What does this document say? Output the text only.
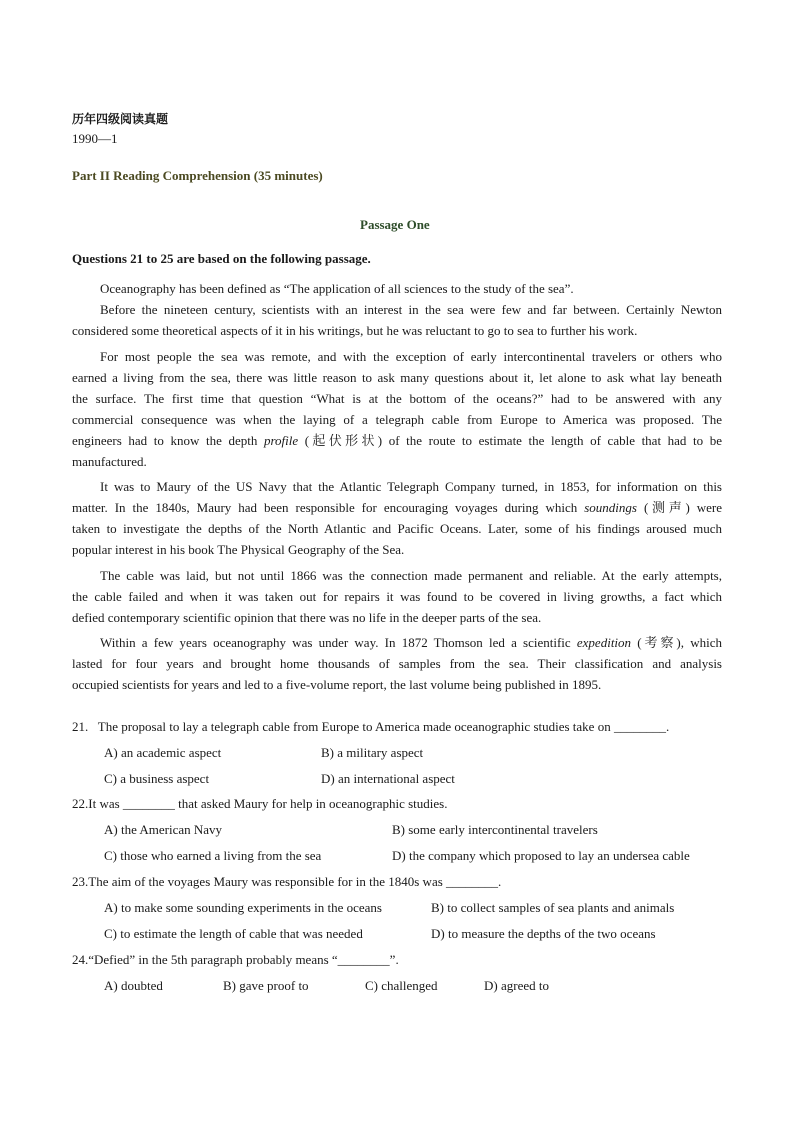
历年四级阅读真题
1990—1
Part II Reading Comprehension (35 minutes)
Passage One
Questions 21 to 25 are based on the following passage.
Oceanography has been defined as “The application of all sciences to the study of the sea”.
Before the nineteen century, scientists with an interest in the sea were few and far between. Certainly Newton
considered some theoretical aspects of it in his writings, but he was reluctant to go to sea to further his work.
For most people the sea was remote, and with the exception of early intercontinental travelers or others who
earned a living from the sea, there was little reason to ask many questions about it, let alone to ask what lay beneath
the surface. The first time that question “What is at the bottom of the oceans?” had to be answered with any
commercial consequence was when the laying of a telegraph cable from Europe to America was proposed. The
engineers had to know the depth profile (起伏形状) of the route to estimate the length of cable that had to be
manufactured.
It was to Maury of the US Navy that the Atlantic Telegraph Company turned, in 1853, for information on this
matter. In the 1840s, Maury had been responsible for encouraging voyages during which soundings (测声) were
taken to investigate the depths of the North Atlantic and Pacific Oceans. Later, some of his findings aroused much
popular interest in his book The Physical Geography of the Sea.
The cable was laid, but not until 1866 was the connection made permanent and reliable. At the early attempts,
the cable failed and when it was taken out for repairs it was found to be covered in living growths, a fact which
defied contemporary scientific opinion that there was no life in the deeper parts of the sea.
Within a few years oceanography was under way. In 1872 Thomson led a scientific expedition (考察), which
lasted for four years and brought home thousands of samples from the sea. Their classification and analysis
occupied scientists for years and led to a five-volume report, the last volume being published in 1895.
21.   The proposal to lay a telegraph cable from Europe to America made oceanographic studies take on ________.
A) an academic aspect	B) a military aspect
C) a business aspect	D) an international aspect
22.It was ________ that asked Maury for help in oceanographic studies.
A) the American Navy	B) some early intercontinental travelers
C) those who earned a living from the sea	D) the company which proposed to lay an undersea cable
23.The aim of the voyages Maury was responsible for in the 1840s was ________.
A) to make some sounding experiments in the oceans	B) to collect samples of sea plants and animals
C) to estimate the length of cable that was needed	D) to measure the depths of the two oceans
24.“Defied” in the 5th paragraph probably means “________”.
A) doubted	B) gave proof to	C) challenged	D) agreed to
